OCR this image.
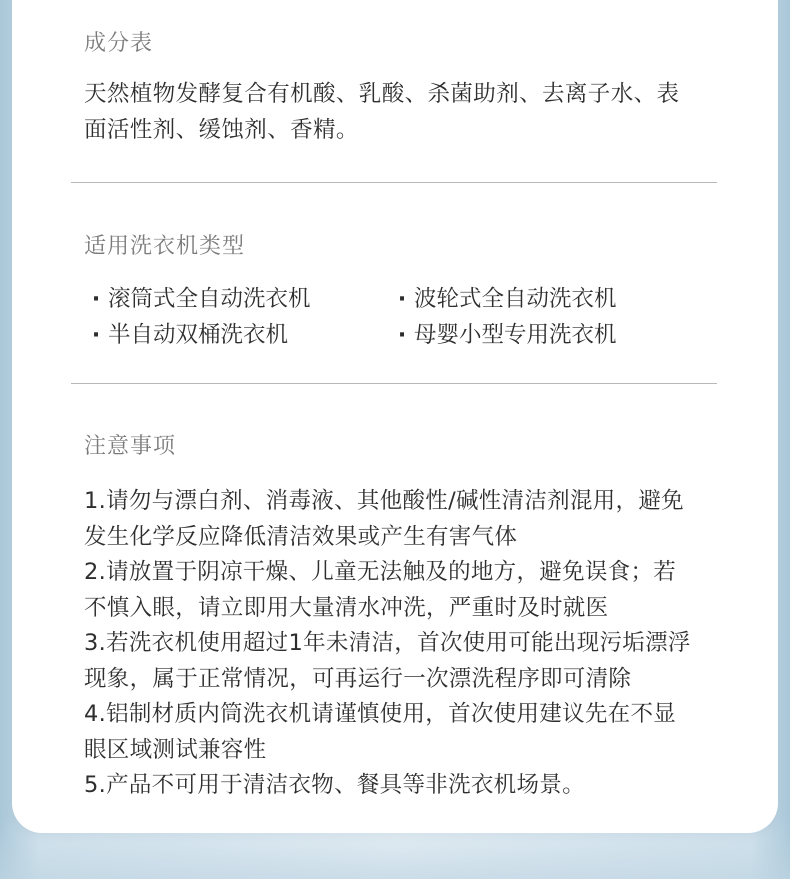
成分表
天然植物发酵复合有机酸、乳酸、杀菌助剂、去离子水、表
面活性剂、缓蚀剂、香精。
适用洗衣机类型
· 滚筒式全自动洗衣机	· 波轮式全自动洗衣机
· 半自动双桶洗衣机	· 母婴小型专用洗衣机
注意事项
1.请勿与漂白剂、消毒液、其他酸性/碱性清洁剂混用，避免
发生化学反应降低清洁效果或产生有害气体
2.请放置于阴凉干燥、儿童无法触及的地方，避免误食；若
不慎入眼，请立即用大量清水冲洗，严重时及时就医
3.若洗衣机使用超过1年未清洁，首次使用可能出现污垢漂浮
现象，属于正常情况，可再运行一次漂洗程序即可清除
4.铝制材质内筒洗衣机请谨慎使用，首次使用建议先在不显
眼区域测试兼容性
5.产品不可用于清洁衣物、餐具等非洗衣机场景。
